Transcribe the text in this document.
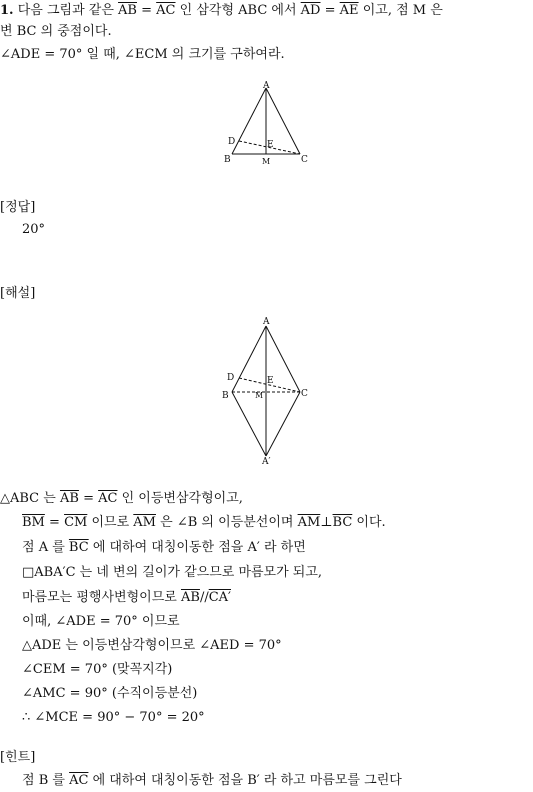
1. 다음 그림과 같은 $\overline{AB} = \overline{AC}$ 인 삼각형 ABC 에서 $\overline{AD} = \overline{AE}$ 이고, 점 M 은
변 BC 의 중점이다.
∠ADE = 70° 일 때, ∠ECM 의 크기를 구하여라.
A
D	E
B	M	C
[정답]
20°
[해설]
A
D	E
B	M	C
A′
△ABC 는 $\overline{AB} = \overline{AC}$ 인 이등변삼각형이고,
$\overline{BM} = \overline{CM}$ 이므로 $\overline{AM}$ 은 ∠B 의 이등분선이며 $\overline{AM}\perp\overline{BC}$ 이다.
점 A 를 $\overline{BC}$ 에 대하여 대칭이동한 점을 A′ 라 하면
□ABA′C 는 네 변의 길이가 같으므로 마름모가 되고,
마름모는 평행사변형이므로 $\overline{AB}//CA'$
이때, ∠ADE = 70° 이므로
△ADE 는 이등변삼각형이므로 ∠AED = 70°
∠CEM = 70° (맞꼭지각)
∠AMC = 90° (수직이등분선)
∴ ∠MCE = 90° − 70° = 20°
[힌트]
점 B 를 $\overline{AC}$ 에 대하여 대칭이동한 점을 B′ 라 하고 마름모를 그린다
